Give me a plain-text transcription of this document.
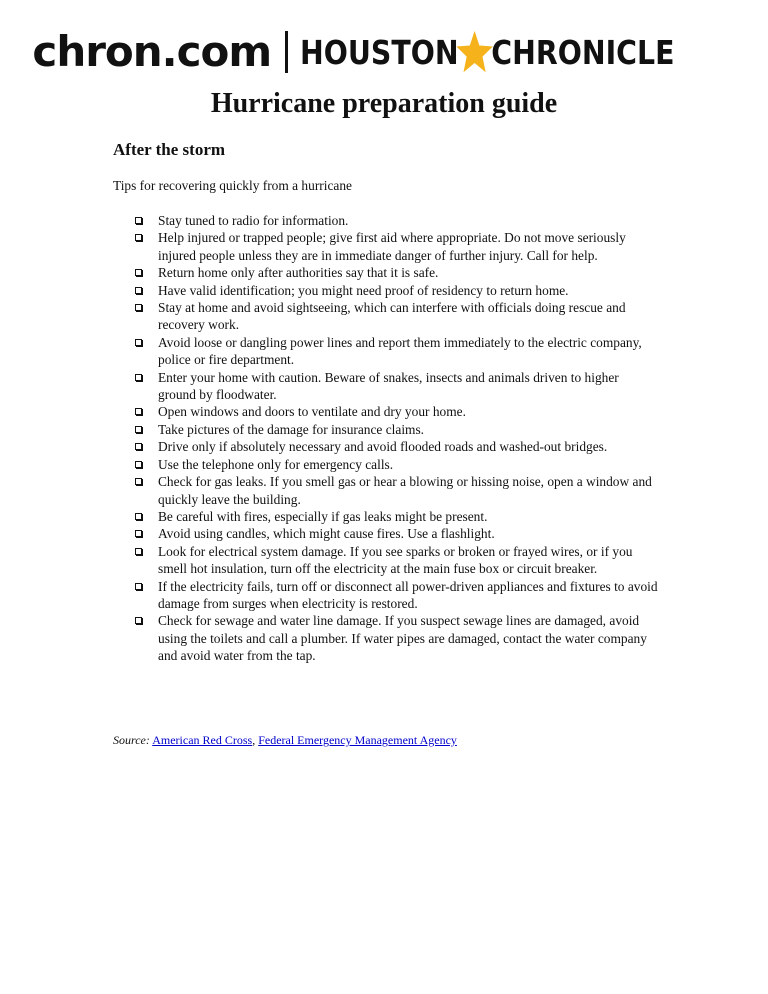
chron.com HOUSTON CHRONICLE
Hurricane preparation guide
After the storm

Tips for recovering quickly from a hurricane

Stay tuned to radio for information.
Help injured or trapped people; give first aid where appropriate. Do not move seriously injured people unless they are in immediate danger of further injury. Call for help.
Return home only after authorities say that it is safe.
Have valid identification; you might need proof of residency to return home.
Stay at home and avoid sightseeing, which can interfere with officials doing rescue and recovery work.
Avoid loose or dangling power lines and report them immediately to the electric company, police or fire department.
Enter your home with caution. Beware of snakes, insects and animals driven to higher ground by floodwater.
Open windows and doors to ventilate and dry your home.
Take pictures of the damage for insurance claims.
Drive only if absolutely necessary and avoid flooded roads and washed-out bridges.
Use the telephone only for emergency calls.
Check for gas leaks. If you smell gas or hear a blowing or hissing noise, open a window and quickly leave the building.
Be careful with fires, especially if gas leaks might be present.
Avoid using candles, which might cause fires. Use a flashlight.
Look for electrical system damage. If you see sparks or broken or frayed wires, or if you smell hot insulation, turn off the electricity at the main fuse box or circuit breaker.
If the electricity fails, turn off or disconnect all power-driven appliances and fixtures to avoid damage from surges when electricity is restored.
Check for sewage and water line damage. If you suspect sewage lines are damaged, avoid using the toilets and call a plumber. If water pipes are damaged, contact the water company and avoid water from the tap.

Source: American Red Cross, Federal Emergency Management Agency
